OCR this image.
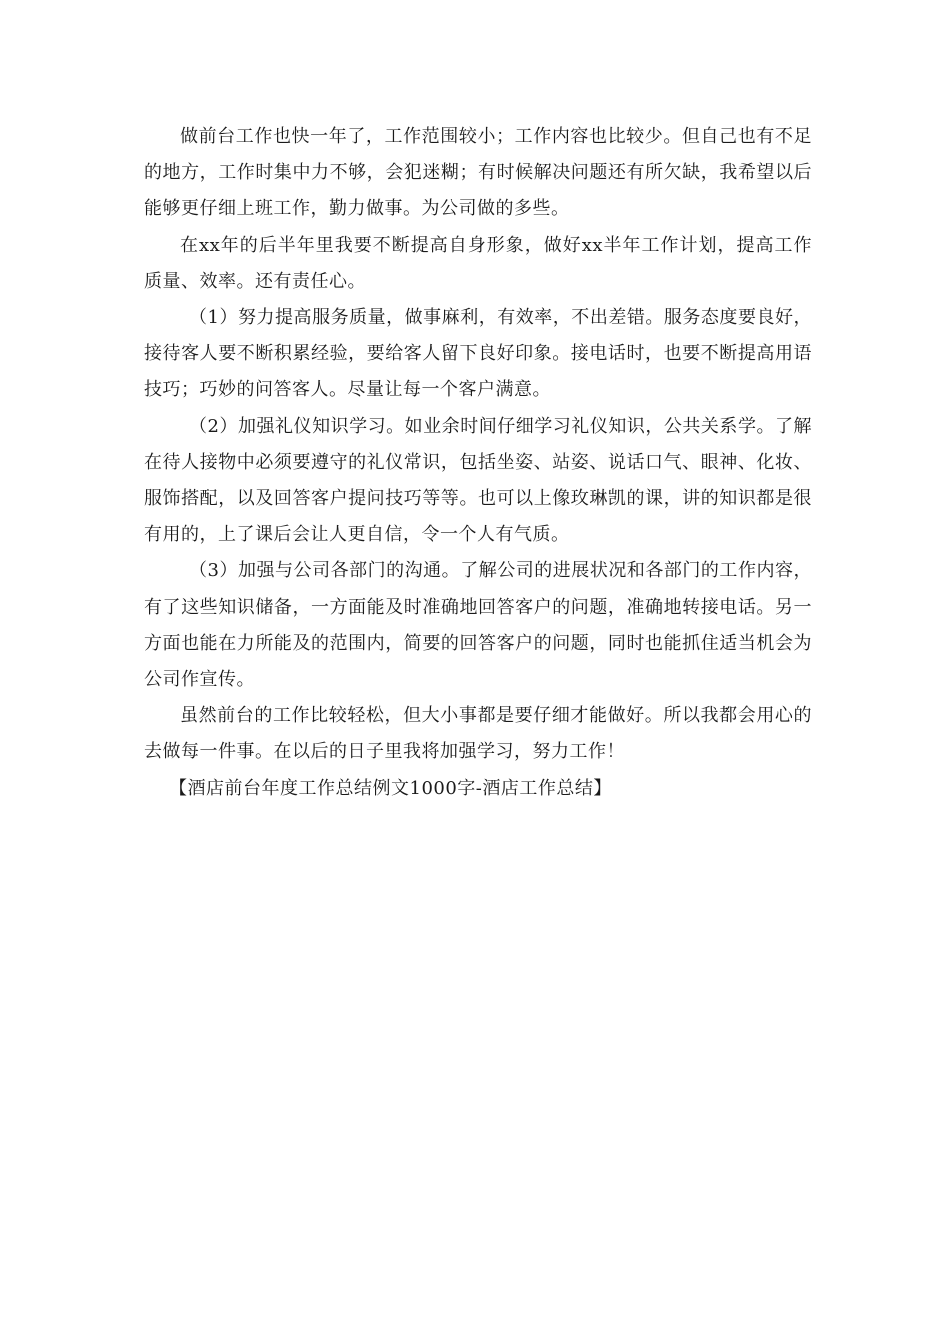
做前台工作也快一年了，工作范围较小；工作内容也比较少。但自己也有不足的地方，工作时集中力不够，会犯迷糊；有时候解决问题还有所欠缺，我希望以后能够更仔细上班工作，勤力做事。为公司做的多些。

在xx年的后半年里我要不断提高自身形象，做好xx半年工作计划，提高工作质量、效率。还有责任心。

（1）努力提高服务质量，做事麻利，有效率，不出差错。服务态度要良好，接待客人要不断积累经验，要给客人留下良好印象。接电话时，也要不断提高用语技巧；巧妙的问答客人。尽量让每一个客户满意。

（2）加强礼仪知识学习。如业余时间仔细学习礼仪知识，公共关系学。了解在待人接物中必须要遵守的礼仪常识，包括坐姿、站姿、说话口气、眼神、化妆、服饰搭配，以及回答客户提问技巧等等。也可以上像玫琳凯的课，讲的知识都是很有用的，上了课后会让人更自信，令一个人有气质。

（3）加强与公司各部门的沟通。了解公司的进展状况和各部门的工作内容，有了这些知识储备，一方面能及时准确地回答客户的问题，准确地转接电话。另一方面也能在力所能及的范围内，简要的回答客户的问题，同时也能抓住适当机会为公司作宣传。

虽然前台的工作比较轻松，但大小事都是要仔细才能做好。所以我都会用心的去做每一件事。在以后的日子里我将加强学习，努力工作！

【酒店前台年度工作总结例文1000字-酒店工作总结】
